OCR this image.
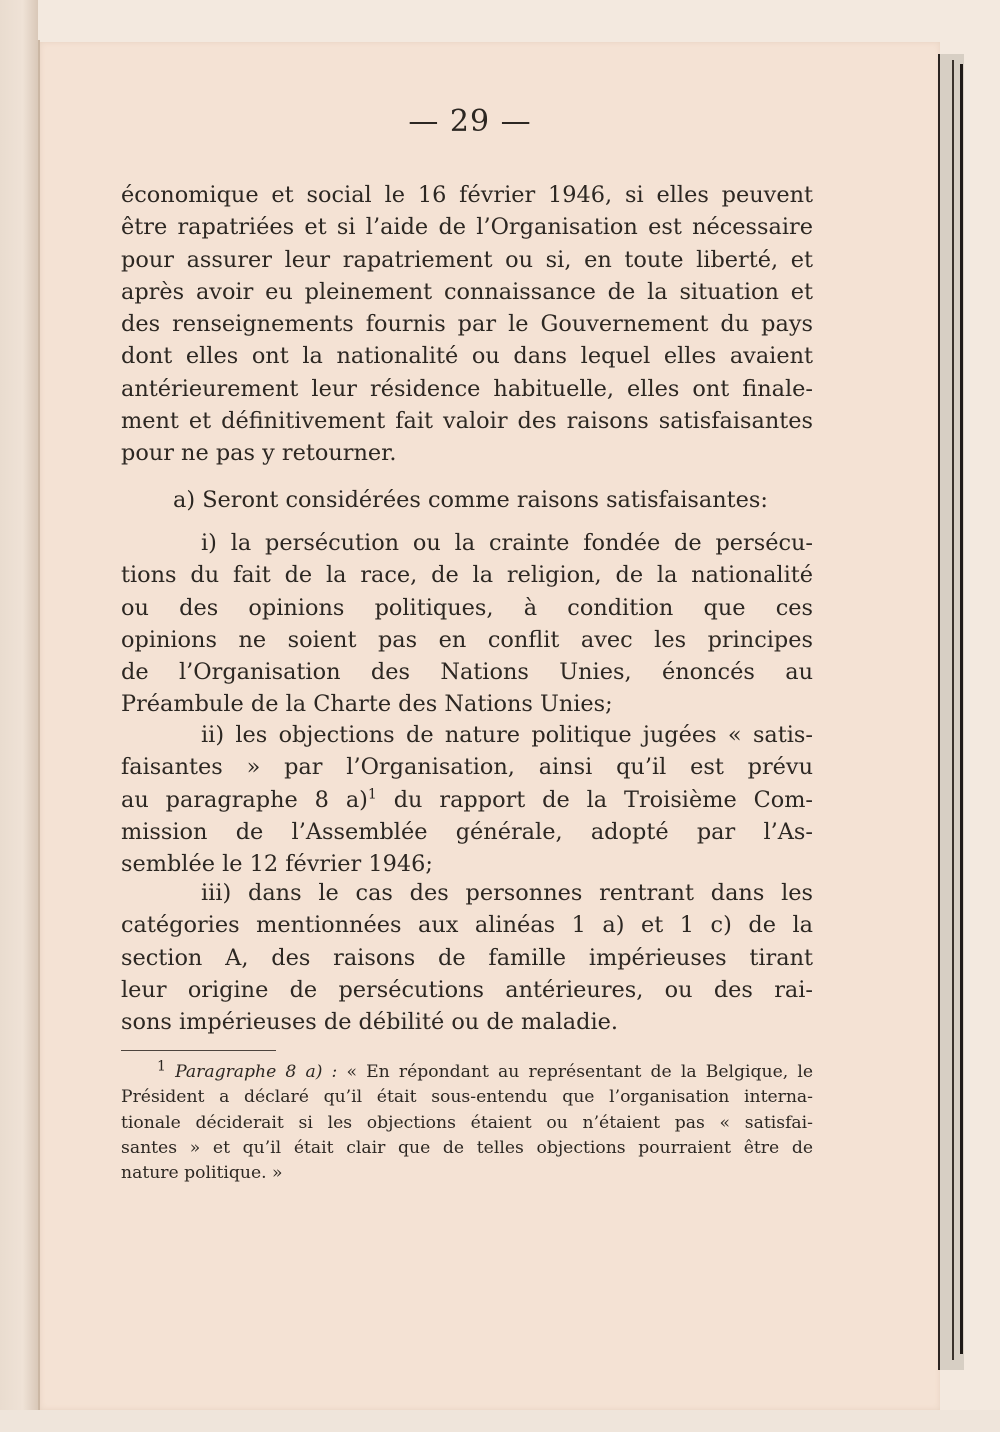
— 29 —
économique et social le 16 février 1946, si elles peuvent
être rapatriées et si l’aide de l’Organisation est nécessaire
pour assurer leur rapatriement ou si, en toute liberté, et
après avoir eu pleinement connaissance de la situation et
des renseignements fournis par le Gouvernement du pays
dont elles ont la nationalité ou dans lequel elles avaient
antérieurement leur résidence habituelle, elles ont finale-
ment et définitivement fait valoir des raisons satisfaisantes
pour ne pas y retourner.
a) Seront considérées comme raisons satisfaisantes:
i) la persécution ou la crainte fondée de persécu-
tions du fait de la race, de la religion, de la nationalité
ou des opinions politiques, à condition que ces
opinions ne soient pas en conflit avec les principes
de l’Organisation des Nations Unies, énoncés au
Préambule de la Charte des Nations Unies;
ii) les objections de nature politique jugées « satis-
faisantes » par l’Organisation, ainsi qu’il est prévu
au paragraphe 8 a)$^1$ du rapport de la Troisième Com-
mission de l’Assemblée générale, adopté par l’As-
semblée le 12 février 1946;
iii) dans le cas des personnes rentrant dans les
catégories mentionnées aux alinéas 1 a) et 1 c) de la
section A, des raisons de famille impérieuses tirant
leur origine de persécutions antérieures, ou des rai-
sons impérieuses de débilité ou de maladie.
$^1$ Paragraphe 8 a) : « En répondant au représentant de la Belgique, le
Président a déclaré qu’il était sous-entendu que l’organisation interna-
tionale déciderait si les objections étaient ou n’étaient pas « satisfai-
santes » et qu’il était clair que de telles objections pourraient être de
nature politique. »
